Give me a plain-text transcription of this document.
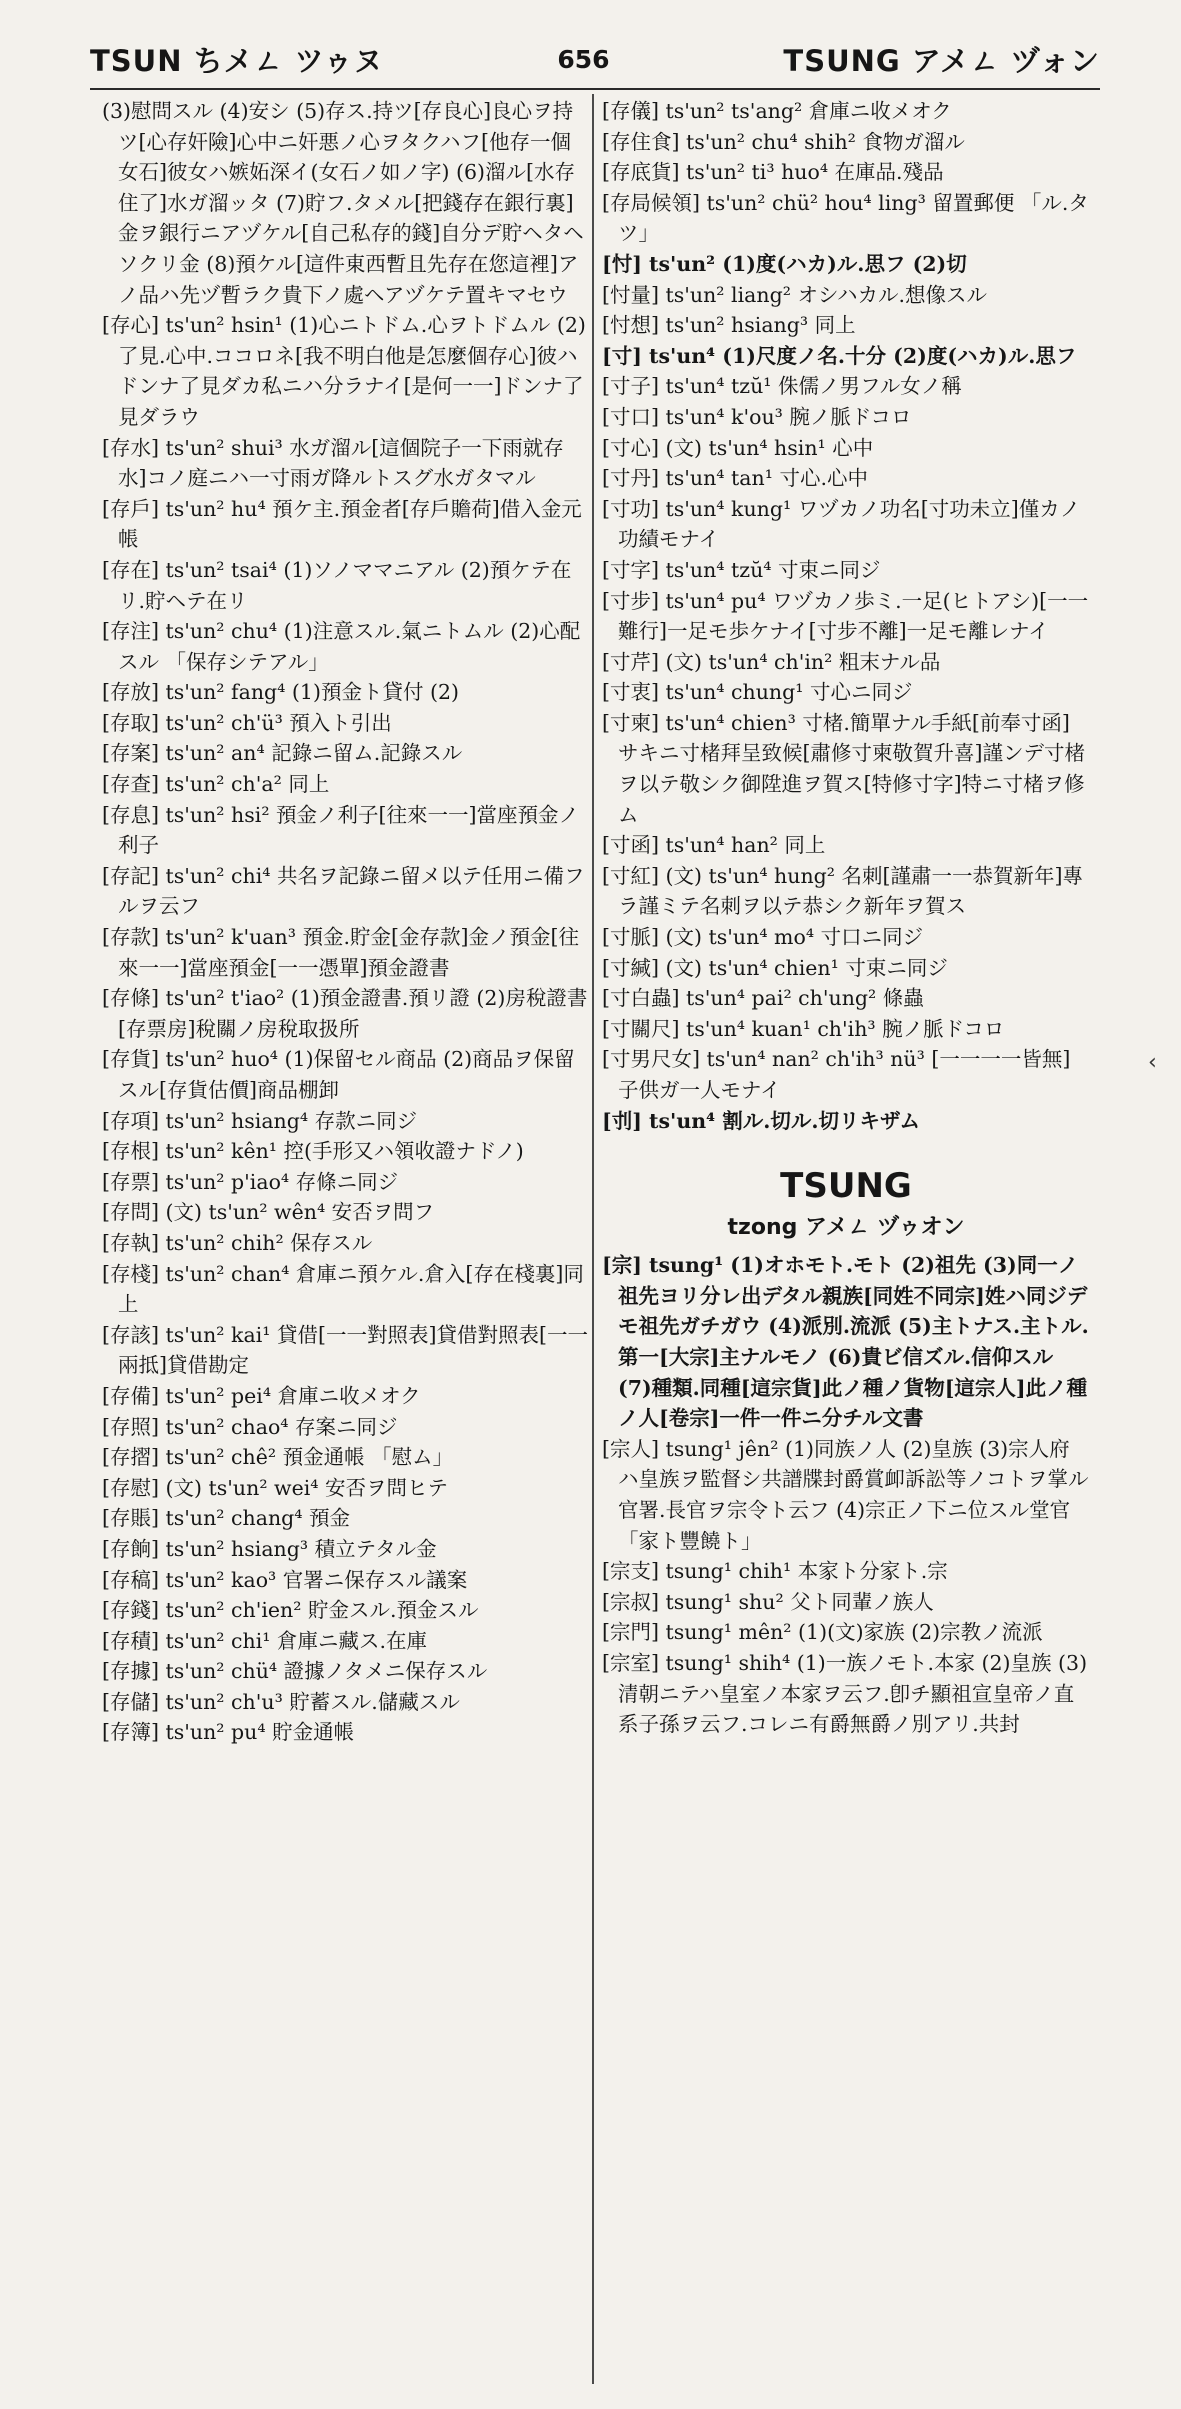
TSUN ちメㄥ ツゥヌ	656	TSUNG アメㄥ ヅォン

(3)慰問スル (4)安シ (5)存ス.持ツ[存良心]良心ヲ持ツ[心存奸險]心中ニ奸悪ノ心ヲタクハフ[他存一個女石]彼女ハ嫉妬深イ(女石ノ如ノ字) (6)溜ル[水存住了]水ガ溜ッタ (7)貯フ.タメル[把錢存在銀行裏]金ヲ銀行ニアヅケル[自己私存的錢]自分デ貯ヘタヘソクリ金 (8)預ケル[這件東西暫且先存在您這裡]アノ品ハ先ヅ暫ラク貴下ノ處ヘアヅケテ置キマセウ

[存心] ts'un² hsin¹ (1)心ニトドム.心ヲトドムル (2)了見.心中.ココロネ[我不明白他是怎麼個存心]彼ハドンナ了見ダカ私ニハ分ラナイ[是何一一]ドンナ了見ダラウ

[存水] ts'un² shui³ 水ガ溜ル[這個院子一下雨就存水]コノ庭ニハ一寸雨ガ降ルトスグ水ガタマル

[存戶] ts'un² hu⁴ 預ケ主.預金者[存戶贍荷]借入金元帳

[存在] ts'un² tsai⁴ (1)ソノママニアル (2)預ケテ在リ.貯ヘテ在リ

[存注] ts'un² chu⁴ (1)注意スル.氣ニトムル (2)心配スル 「保存シテアル」

[存放] ts'un² fang⁴ (1)預金ト貸付 (2)

[存取] ts'un² ch'ü³ 預入ト引出

[存案] ts'un² an⁴ 記錄ニ留ム.記錄スル

[存查] ts'un² ch'a² 同上

[存息] ts'un² hsi² 預金ノ利子[往來一一]當座預金ノ利子

[存記] ts'un² chi⁴ 共名ヲ記錄ニ留メ以テ任用ニ備フルヲ云フ

[存款] ts'un² k'uan³ 預金.貯金[金存款]金ノ預金[往來一一]當座預金[一一憑單]預金證書

[存條] ts'un² t'iao² (1)預金證書.預リ證 (2)房稅證書[存票房]稅關ノ房稅取扱所

[存貨] ts'un² huo⁴ (1)保留セル商品 (2)商品ヲ保留スル[存貨估價]商品棚卸

[存項] ts'un² hsiang⁴ 存款ニ同ジ

[存根] ts'un² kên¹ 控(手形又ハ領收證ナドノ)

[存票] ts'un² p'iao⁴ 存條ニ同ジ

[存問] (文) ts'un² wên⁴ 安否ヲ問フ

[存執] ts'un² chih² 保存スル

[存棧] ts'un² chan⁴ 倉庫ニ預ケル.倉入[存在棧裏]同上

[存該] ts'un² kai¹ 貸借[一一對照表]貸借對照表[一一兩抵]貸借勘定

[存備] ts'un² pei⁴ 倉庫ニ收メオク

[存照] ts'un² chao⁴ 存案ニ同ジ

[存摺] ts'un² chê² 預金通帳 「慰ム」

[存慰] (文) ts'un² wei⁴ 安否ヲ問ヒテ

[存賬] ts'un² chang⁴ 預金

[存餉] ts'un² hsiang³ 積立テタル金

[存稿] ts'un² kao³ 官署ニ保存スル議案

[存錢] ts'un² ch'ien² 貯金スル.預金スル

[存積] ts'un² chi¹ 倉庫ニ藏ス.在庫

[存據] ts'un² chü⁴ 證據ノタメニ保存スル

[存儲] ts'un² ch'u³ 貯蓄スル.儲藏スル

[存簿] ts'un² pu⁴ 貯金通帳

[存儀] ts'un² ts'ang² 倉庫ニ收メオク

[存住食] ts'un² chu⁴ shih² 食物ガ溜ル

[存底貨] ts'un² ti³ huo⁴ 在庫品.殘品

[存局候領] ts'un² chü² hou⁴ ling³ 留置郵便 「ル.タツ」

[忖] ts'un² (1)度(ハカ)ル.思フ (2)切

[忖量] ts'un² liang² オシハカル.想像スル

[忖想] ts'un² hsiang³ 同上

[寸] ts'un⁴ (1)尺度ノ名.十分 (2)度(ハカ)ル.思フ

[寸子] ts'un⁴ tzŭ¹ 侏儒ノ男フル女ノ稱

[寸口] ts'un⁴ k'ou³ 腕ノ脈ドコロ

[寸心] (文) ts'un⁴ hsin¹ 心中

[寸丹] ts'un⁴ tan¹ 寸心.心中

[寸功] ts'un⁴ kung¹ ワヅカノ功名[寸功未立]僅カノ功績モナイ

[寸字] ts'un⁴ tzŭ⁴ 寸束ニ同ジ

[寸步] ts'un⁴ pu⁴ ワヅカノ歩ミ.一足(ヒトアシ)[一一難行]一足モ歩ケナイ[寸步不離]一足モ離レナイ

[寸芹] (文) ts'un⁴ ch'in² 粗末ナル品

[寸衷] ts'un⁴ chung¹ 寸心ニ同ジ

[寸柬] ts'un⁴ chien³ 寸楮.簡單ナル手紙[前奉寸函]サキニ寸楮拜呈致候[肅修寸柬敬賀升喜]謹ンデ寸楮ヲ以テ敬シク御陞進ヲ賀ス[特修寸字]特ニ寸楮ヲ修ム

[寸函] ts'un⁴ han² 同上

[寸紅] (文) ts'un⁴ hung² 名刺[謹肅一一恭賀新年]專ラ謹ミテ名刺ヲ以テ恭シク新年ヲ賀ス

[寸脈] (文) ts'un⁴ mo⁴ 寸口ニ同ジ

[寸緘] (文) ts'un⁴ chien¹ 寸束ニ同ジ

[寸白蟲] ts'un⁴ pai² ch'ung² 條蟲

[寸關尺] ts'un⁴ kuan¹ ch'ih³ 腕ノ脈ドコロ

[寸男尺女] ts'un⁴ nan² ch'ih³ nü³ [一一一一皆無]子供ガ一人モナイ

[刌] ts'un⁴ 割ル.切ル.切リキザム

TSUNG
tzong アメㄥ ヅゥオン

[宗] tsung¹ (1)オホモト.モト (2)祖先 (3)同一ノ祖先ヨリ分レ出デタル親族[同姓不同宗]姓ハ同ジデモ祖先ガチガウ (4)派別.流派 (5)主トナス.主トル.第一[大宗]主ナルモノ (6)貴ビ信ズル.信仰スル (7)種類.同種[這宗貨]此ノ種ノ貨物[這宗人]此ノ種ノ人[卷宗]一件一件ニ分チル文書

[宗人] tsung¹ jên² (1)同族ノ人 (2)皇族 (3)宗人府ハ皇族ヲ監督シ共譜牒封爵賞卹訴訟等ノコトヲ掌ル官署.長官ヲ宗令ト云フ (4)宗正ノ下ニ位スル堂官 「家ト豐饒ト」

[宗支] tsung¹ chih¹ 本家ト分家ト.宗

[宗叔] tsung¹ shu² 父ト同輩ノ族人

[宗門] tsung¹ mên² (1)(文)家族 (2)宗教ノ流派

[宗室] tsung¹ shih⁴ (1)一族ノモト.本家 (2)皇族 (3)清朝ニテハ皇室ノ本家ヲ云フ.卽チ顯祖宣皇帝ノ直系子孫ヲ云フ.コレニ有爵無爵ノ別アリ.共封

‹
